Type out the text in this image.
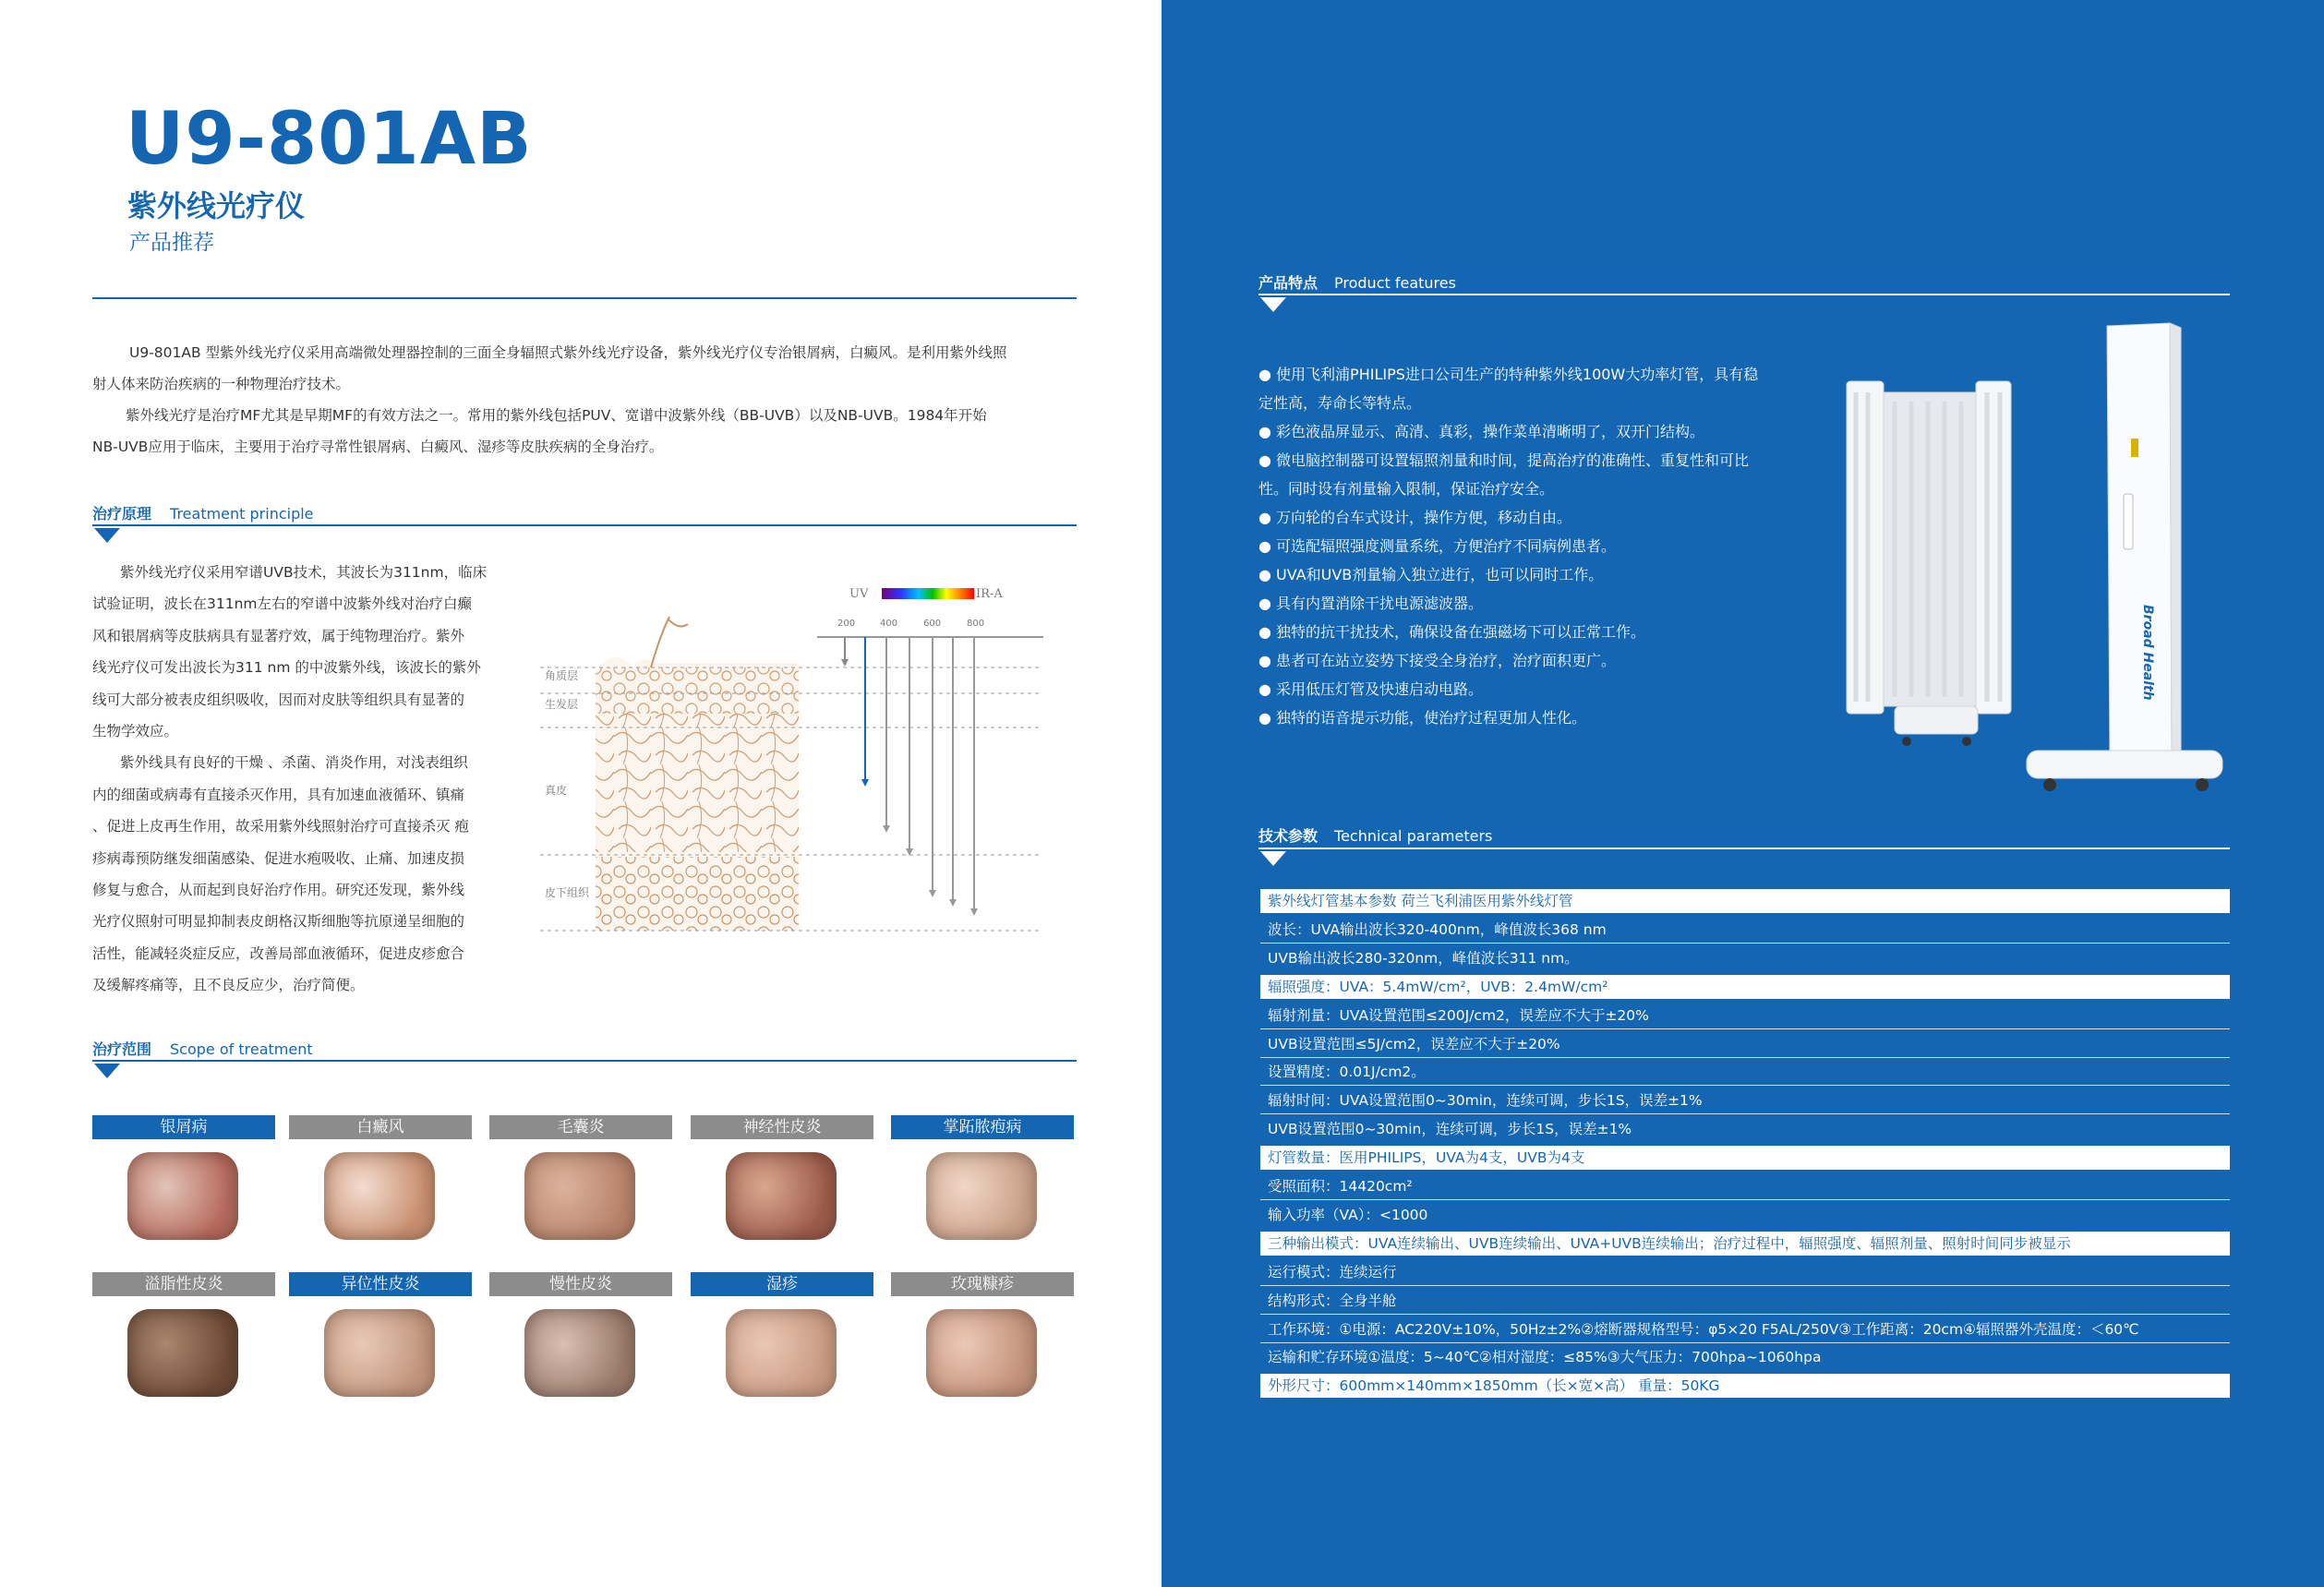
U9-801AB
紫外线光疗仪
产品推荐
U9-801AB 型紫外线光疗仪采用高端微处理器控制的三面全身辐照式紫外线光疗设备，紫外线光疗仪专治银屑病，白癜风。是利用紫外线照
射人体来防治疾病的一种物理治疗技术。
紫外线光疗是治疗MF尤其是早期MF的有效方法之一。常用的紫外线包括PUV、宽谱中波紫外线（BB-UVB）以及NB-UVB。1984年开始
NB-UVB应用于临床，主要用于治疗寻常性银屑病、白癜风、湿疹等皮肤疾病的全身治疗。
治疗原理 Treatment principle
紫外线光疗仪采用窄谱UVB技术，其波长为311nm，临床
试验证明，波长在311nm左右的窄谱中波紫外线对治疗白癫
风和银屑病等皮肤病具有显著疗效，属于纯物理治疗。紫外
线光疗仪可发出波长为311 nm 的中波紫外线，该波长的紫外
线可大部分被表皮组织吸收，因而对皮肤等组织具有显著的
生物学效应。
紫外线具有良好的干燥 、杀菌、消炎作用，对浅表组织
内的细菌或病毒有直接杀灭作用，具有加速血液循环、镇痛
、促进上皮再生作用，故采用紫外线照射治疗可直接杀灭 疱
疹病毒预防继发细菌感染、促进水疱吸收、止痛、加速皮损
修复与愈合，从而起到良好治疗作用。研究还发现，紫外线
光疗仪照射可明显抑制表皮朗格汉斯细胞等抗原递呈细胞的
活性，能减轻炎症反应，改善局部血液循环，促进皮疹愈合
及缓解疼痛等，且不良反应少，治疗简便。
UV	IR-A
200	400	600	800
角质层
生发层
真皮
皮下组织
治疗范围 Scope of treatment
银屑病	白癜风	毛囊炎	神经性皮炎	掌跖脓疱病
溢脂性皮炎	异位性皮炎	慢性皮炎	湿疹	玫瑰糠疹
产品特点 Product features
● 使用飞利浦PHILIPS进口公司生产的特种紫外线100W大功率灯管，具有稳
定性高，寿命长等特点。
● 彩色液晶屏显示、高清、真彩，操作菜单清晰明了，双开门结构。
● 微电脑控制器可设置辐照剂量和时间，提高治疗的准确性、重复性和可比
性。同时设有剂量输入限制，保证治疗安全。
● 万向轮的台车式设计，操作方便，移动自由。
● 可选配辐照强度测量系统，方便治疗不同病例患者。
● UVA和UVB剂量输入独立进行，也可以同时工作。
● 具有内置消除干扰电源滤波器。
● 独特的抗干扰技术，确保设备在强磁场下可以正常工作。
● 患者可在站立姿势下接受全身治疗，治疗面积更广。
● 采用低压灯管及快速启动电路。
● 独特的语音提示功能，使治疗过程更加人性化。
Broad Health
技术参数 Technical parameters
紫外线灯管基本参数 荷兰飞利浦医用紫外线灯管
波长：UVA输出波长320-400nm，峰值波长368 nm
UVB输出波长280-320nm，峰值波长311 nm。
辐照强度：UVA：5.4mW/cm²，UVB：2.4mW/cm²
辐射剂量：UVA设置范围≤200J/cm2，误差应不大于±20%
UVB设置范围≤5J/cm2，误差应不大于±20%
设置精度：0.01J/cm2。
辐射时间：UVA设置范围0~30min，连续可调，步长1S，误差±1%
UVB设置范围0~30min，连续可调，步长1S，误差±1%
灯管数量：医用PHILIPS，UVA为4支，UVB为4支
受照面积：14420cm²
输入功率（VA）：<1000
三种输出模式：UVA连续输出、UVB连续输出、UVA+UVB连续输出；治疗过程中，辐照强度、辐照剂量、照射时间同步被显示
运行模式：连续运行
结构形式：全身半舱
工作环境：①电源：AC220V±10%，50Hz±2%②熔断器规格型号：φ5×20 F5AL/250V③工作距离：20cm④辐照器外壳温度：＜60℃
运输和贮存环境①温度：5~40℃②相对湿度：≤85%③大气压力：700hpa~1060hpa
外形尺寸：600mm×140mm×1850mm（长×宽×高） 重量：50KG
